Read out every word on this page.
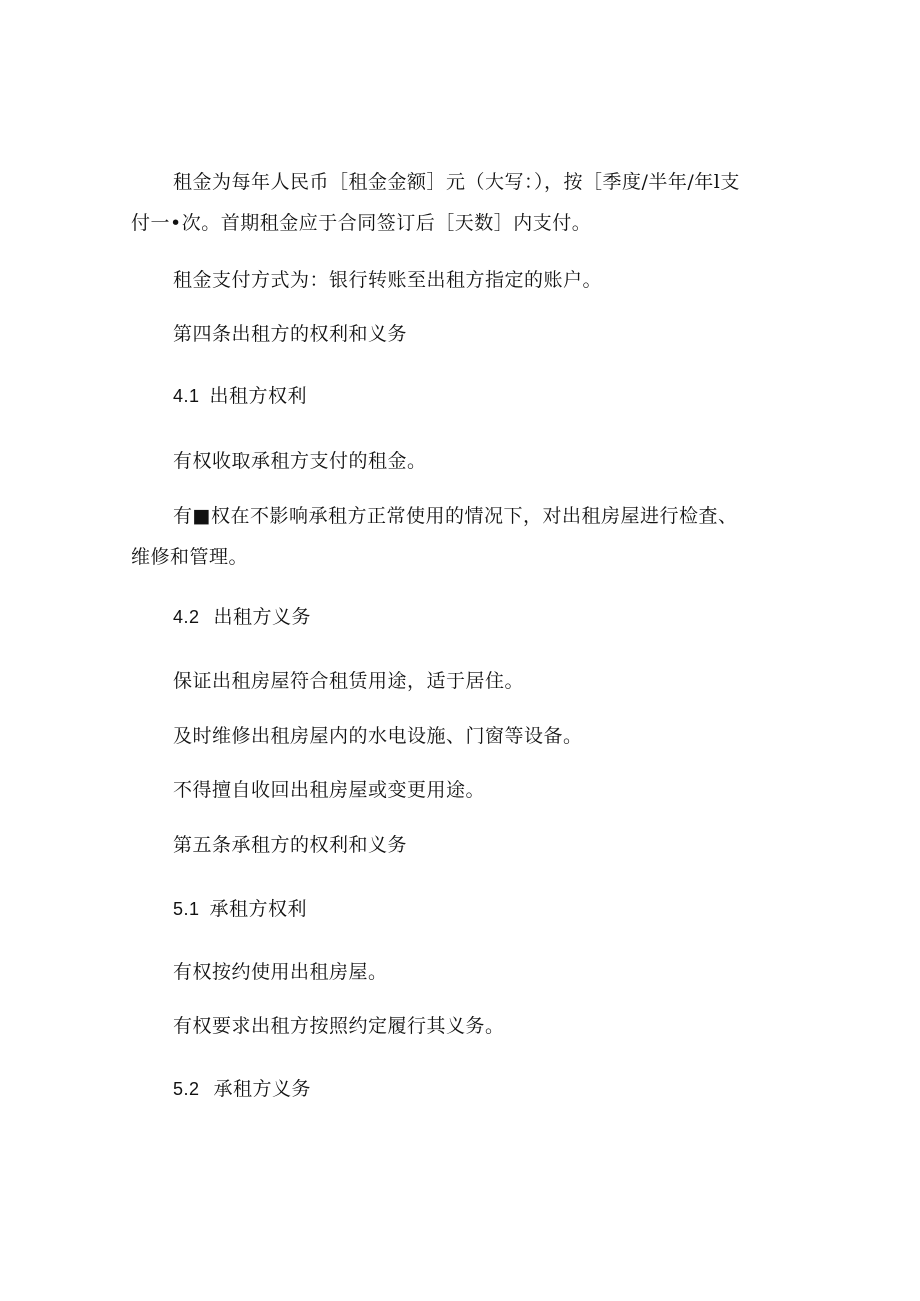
租金为每年人民币［租金金额］元（大写：），按［季度/半年/年l支
付一•次。首期租金应于合同签订后［天数］内支付。
租金支付方式为：银行转账至出租方指定的账户。
第四条出租方的权利和义务
4.1 出租方权利
有权收取承租方支付的租金。
有■权在不影响承租方正常使用的情况下，对出租房屋进行检査、
维修和管理。
4.2 出租方义务
保证出租房屋符合租赁用途，适于居住。
及时维修出租房屋内的水电设施、门窗等设备。
不得擅自收回出租房屋或变更用途。
第五条承租方的权利和义务
5.1 承租方权利
有权按约使用出租房屋。
有权要求出租方按照约定履行其义务。
5.2 承租方义务
